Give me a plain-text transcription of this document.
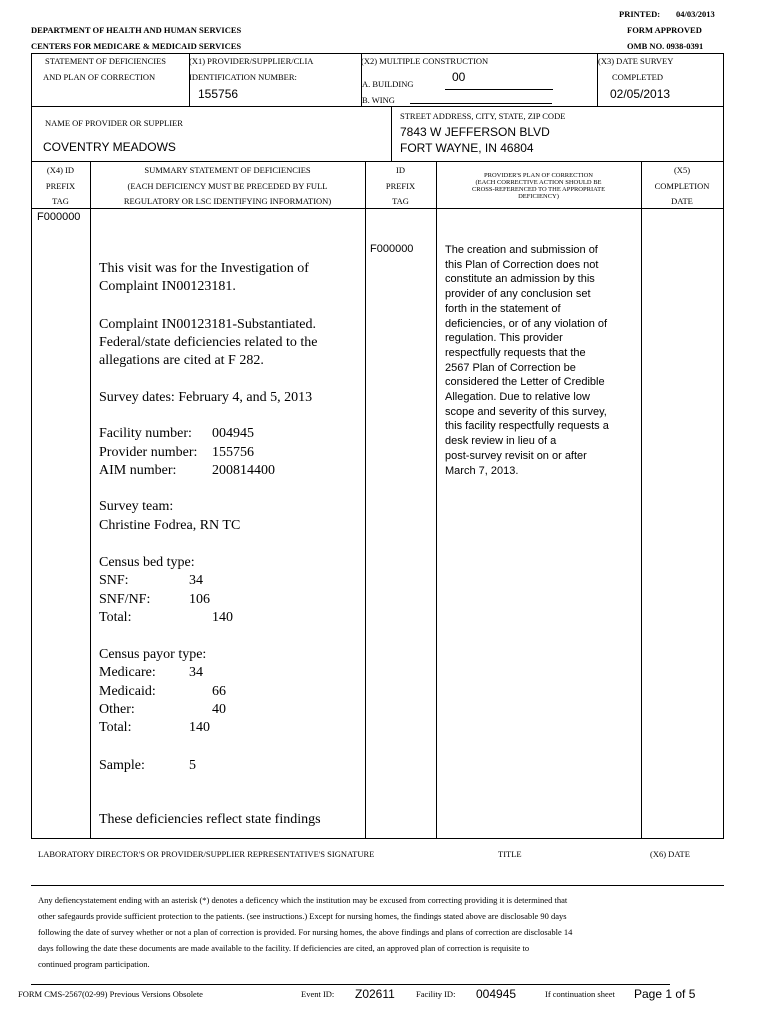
PRINTED: 04/03/2013
DEPARTMENT OF HEALTH AND HUMAN SERVICES	FORM APPROVED
CENTERS FOR MEDICARE & MEDICAID SERVICES	OMB NO. 0938-0391
STATEMENT OF DEFICIENCIES
AND PLAN OF CORRECTION
(X1) PROVIDER/SUPPLIER/CLIA
IDENTIFICATION NUMBER:
155756
(X2) MULTIPLE CONSTRUCTION
00
A. BUILDING
B. WING
(X3) DATE SURVEY
COMPLETED
02/05/2013
NAME OF PROVIDER OR SUPPLIER
COVENTRY MEADOWS
STREET ADDRESS, CITY, STATE, ZIP CODE
7843 W JEFFERSON BLVD
FORT WAYNE, IN 46804
(X4) ID
PREFIX
TAG
SUMMARY STATEMENT OF DEFICIENCIES
(EACH DEFICIENCY MUST BE PRECEDED BY FULL
REGULATORY OR LSC IDENTIFYING INFORMATION)
ID
PREFIX
TAG
PROVIDER'S PLAN OF CORRECTION
(EACH CORRECTIVE ACTION SHOULD BE
CROSS-REFERENCED TO THE APPROPRIATE
DEFICIENCY)
(X5)
COMPLETION
DATE
F000000
F000000
This visit was for the Investigation of
Complaint IN00123181.
Complaint IN00123181-Substantiated.
Federal/state deficiencies related to the
allegations are cited at F 282.
Survey dates: February 4, and 5, 2013
Facility number: 004945
Provider number: 155756
AIM number:	200814400
Survey team:
Christine Fodrea, RN TC
Census bed type:
SNF:	34
SNF/NF:	106
Total:	140
Census payor type:
Medicare: 34
Medicaid:	66
Other:	40
Total:	140
Sample:	5
These deficiencies reflect state findings
The creation and submission of
this Plan of Correction does not
constitute an admission by this
provider of any conclusion set
forth in the statement of
deficiencies, or of any violation of
regulation. This provider
respectfully requests that the
2567 Plan of Correction be
considered the Letter of Credible
Allegation. Due to relative low
scope and severity of this survey,
this facility respectfully requests a
desk review in lieu of a
post-survey revisit on or after
March 7, 2013.
LABORATORY DIRECTOR'S OR PROVIDER/SUPPLIER REPRESENTATIVE'S SIGNATURE	TITLE	(X6) DATE
Any defiencystatement ending with an asterisk (*) denotes a deficency which the institution may be excused from correcting providing it is determined that
other safegaurds provide sufficient protection to the patients. (see instructions.) Except for nursing homes, the findings stated above are disclosable 90 days
following the date of survey whether or not a plan of correction is provided. For nursing homes, the above findings and plans of correction are disclosable 14
days following the date these documents are made available to the facility. If deficiencies are cited, an approved plan of correction is requisite to
continued program participation.
FORM CMS-2567(02-99) Previous Versions Obsolete	Event ID: Z02611 Facility ID: 004945	If continuation sheet Page 1 of 5
